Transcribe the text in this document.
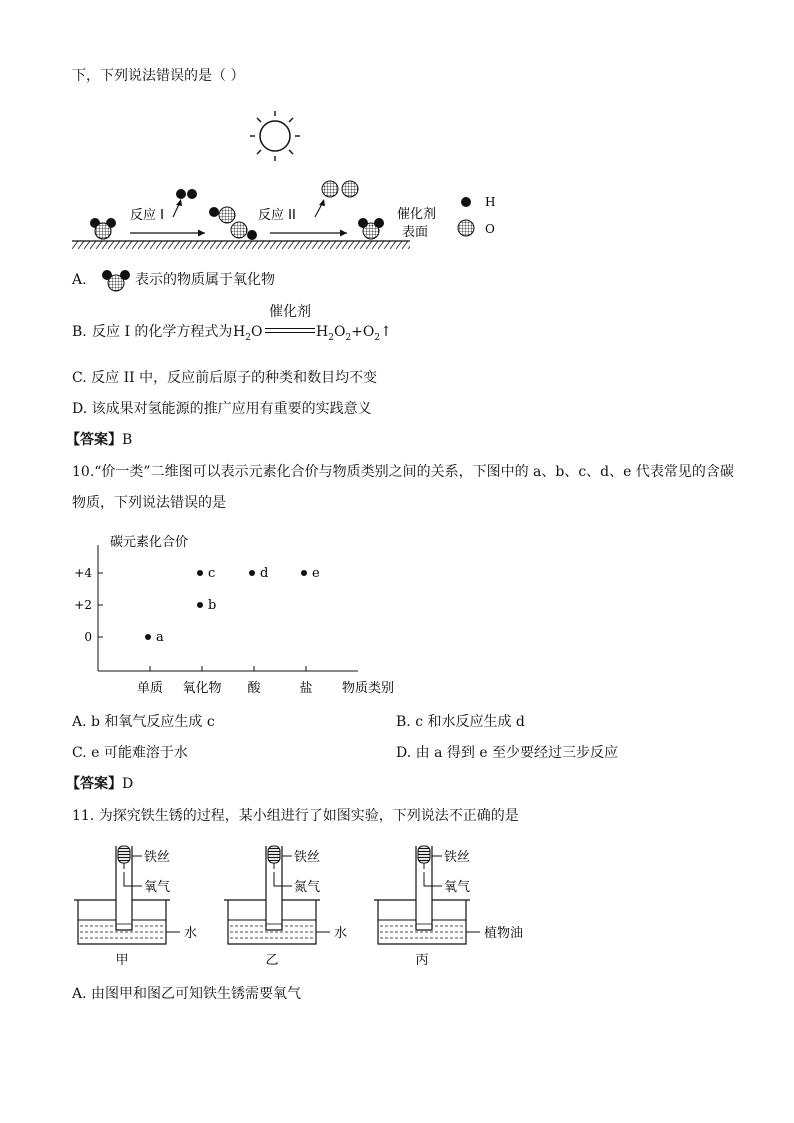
下，下列说法错误的是（ ）
反应 I	反应 II	催化剂
表面
H
O
A.	表示的物质属于氧化物
B. 反应 I 的化学方程式为 $H_2O$
催化剂
$H_2O_2+O_2↑$
C. 反应 II 中，反应前后原子的种类和数目均不变
D. 该成果对氢能源的推广应用有重要的实践意义
【答案】B
10.“价一类”二维图可以表示元素化合价与物质类别之间的关系，下图中的 a、b、c、d、e 代表常见的含碳
物质，下列说法错误的是
碳元素化合价
物质类别
单质 氧化物 酸	盐
+4
+2
0	a
b
c	d	e
A. b 和氧气反应生成 c	B. c 和水反应生成 d
C. e 可能难溶于水	D. 由 a 得到 e 至少要经过三步反应
【答案】D
11. 为探究铁生锈的过程，某小组进行了如图实验，下列说法不正确的是
铁丝
氧气
水
甲
铁丝
氮气
水
乙
铁丝
氧气
植物油
丙
A. 由图甲和图乙可知铁生锈需要氧气
